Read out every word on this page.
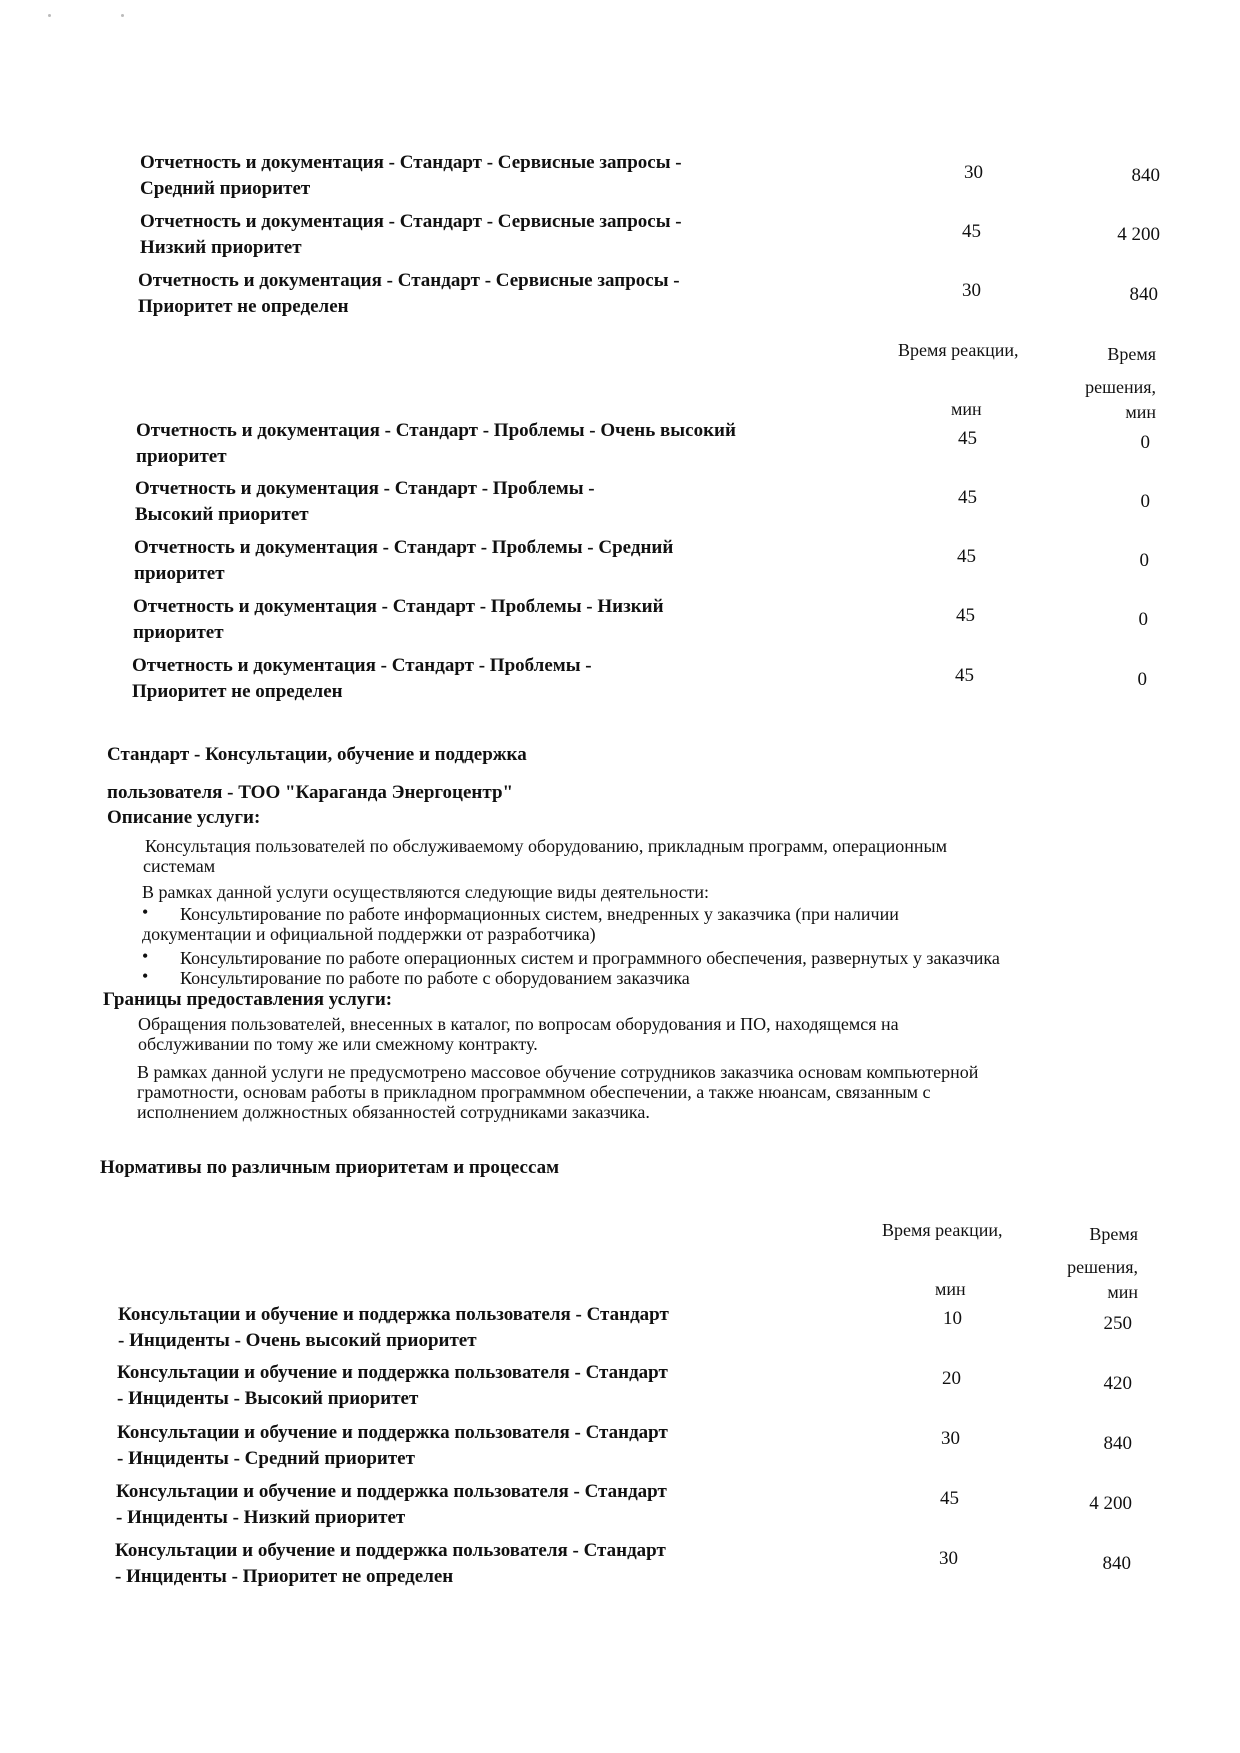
Отчетность и документация - Стандарт - Сервисные запросы - Средний приоритет
30	840
Отчетность и документация - Стандарт - Сервисные запросы - Низкий приоритет
45	4 200
Отчетность и документация - Стандарт - Сервисные запросы - Приоритет не определен
30	840
Время реакции,	Время
решения,
мин	мин
Отчетность и документация - Стандарт - Проблемы - Очень высокий приоритет
45	0
Отчетность и документация - Стандарт - Проблемы - Высокий приоритет
45	0
Отчетность и документация - Стандарт - Проблемы - Средний приоритет
45	0
Отчетность и документация - Стандарт - Проблемы - Низкий приоритет
45	0
Отчетность и документация - Стандарт - Проблемы - Приоритет не определен
45	0
Стандарт - Консультации, обучение и поддержка
пользователя - ТОО "Караганда Энергоцентр"
Описание услуги:
Консультация пользователей по обслуживаемому оборудованию, прикладным программ, операционным
системам
В рамках данной услуги осуществляются следующие виды деятельности:
• Консультирование по работе информационных систем, внедренных у заказчика (при наличии
документации и официальной поддержки от разработчика)
• Консультирование по работе операционных систем и программного обеспечения, развернутых у заказчика
• Консультирование по работе по работе с оборудованием заказчика
Границы предоставления услуги:
Обращения пользователей, внесенных в каталог, по вопросам оборудования и ПО, находящемся на
обслуживании по тому же или смежному контракту.
В рамках данной услуги не предусмотрено массовое обучение сотрудников заказчика основам компьютерной
грамотности, основам работы в прикладном программном обеспечении, а также нюансам, связанным с
исполнением должностных обязанностей сотрудниками заказчика.
Нормативы по различным приоритетам и процессам
Время реакции,	Время
решения,
мин	мин
Консультации и обучение и поддержка пользователя - Стандарт - Инциденты - Очень высокий приоритет
10	250
Консультации и обучение и поддержка пользователя - Стандарт - Инциденты - Высокий приоритет
20	420
Консультации и обучение и поддержка пользователя - Стандарт - Инциденты - Средний приоритет
30	840
Консультации и обучение и поддержка пользователя - Стандарт - Инциденты - Низкий приоритет
45	4 200
Консультации и обучение и поддержка пользователя - Стандарт - Инциденты - Приоритет не определен
30	840
